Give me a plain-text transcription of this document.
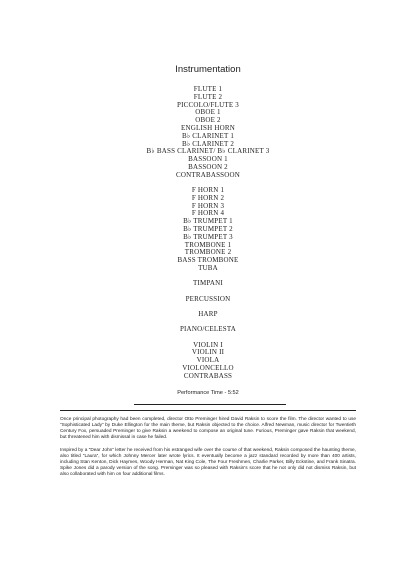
Instrumentation
FLUTE 1
FLUTE 2
PICCOLO/FLUTE 3
OBOE 1
OBOE 2
ENGLISH HORN
B♭ CLARINET 1
B♭ CLARINET 2
B♭ BASS CLARINET/ B♭ CLARINET 3
BASSOON 1
BASSOON 2
CONTRABASSOON
F HORN 1
F HORN 2
F HORN 3
F HORN 4
B♭ TRUMPET 1
B♭ TRUMPET 2
B♭ TRUMPET 3
TROMBONE 1
TROMBONE 2
BASS TROMBONE
TUBA
TIMPANI
PERCUSSION
HARP
PIANO/CELESTA
VIOLIN I
VIOLIN II
VIOLA
VIOLONCELLO
CONTRABASS
Performance Time - 5:52

Once principal photography had been completed, director Otto Preminger hired David Raksin to score the film. The director wanted to use “Sophisticated Lady” by Duke Ellington for the main theme, but Raksin objected to the choice. Alfred Newman, music director for Twentieth Century Fox, persuaded Preminger to give Raksin a weekend to compose an original tune. Furious, Preminger gave Raksin that weekend, but threatened him with dismissal in case he failed.

Inspired by a “Dear John” letter he received from his estranged wife over the course of that weekend, Raksin composed the haunting theme, also titled “Laura”, for which Johnny Mercer later wrote lyrics. It eventually become a jazz standard recorded by more than 400 artists, including Stan Kenton, Dick Haymes, Woody Herman, Nat King Cole, The Four Freshmen, Charlie Parker, Billy Eckstine, and Frank Sinatra. Spike Jones did a parody version of the song. Preminger was so pleased with Raksin’s score that he not only did not dismiss Raksin, but also collaborated with him on four additional films.
